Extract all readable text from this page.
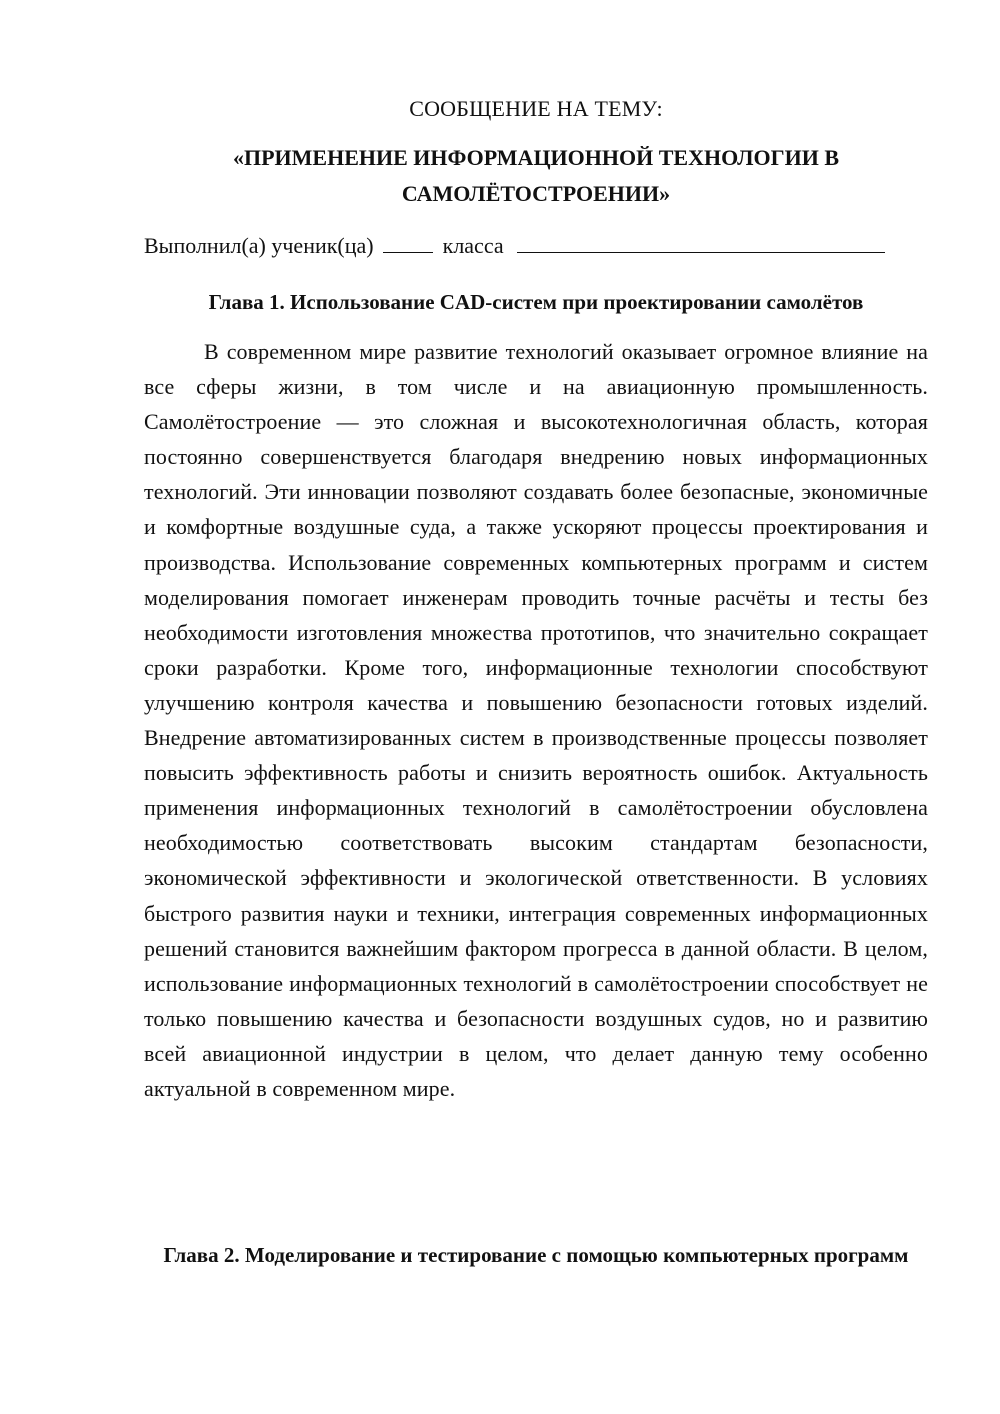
СООБЩЕНИЕ НА ТЕМУ:
«ПРИМЕНЕНИЕ ИНФОРМАЦИОННОЙ ТЕХНОЛОГИИ В САМОЛЁТОСТРОЕНИИ»
Выполнил(а) ученик(ца)	класса
Глава 1. Использование CAD-систем при проектировании самолётов
В современном мире развитие технологий оказывает огромное влияние на все сферы жизни, в том числе и на авиационную промышленность. Самолётостроение — это сложная и высокотехнологичная область, которая постоянно совершенствуется благодаря внедрению новых информационных технологий. Эти инновации позволяют создавать более безопасные, экономичные и комфортные воздушные суда, а также ускоряют процессы проектирования и производства. Использование современных компьютерных программ и систем моделирования помогает инженерам проводить точные расчёты и тесты без необходимости изготовления множества прототипов, что значительно сокращает сроки разработки. Кроме того, информационные технологии способствуют улучшению контроля качества и повышению безопасности готовых изделий. Внедрение автоматизированных систем в производственные процессы позволяет повысить эффективность работы и снизить вероятность ошибок. Актуальность применения информационных технологий в самолётостроении обусловлена необходимостью соответствовать высоким стандартам безопасности, экономической эффективности и экологической ответственности. В условиях быстрого развития науки и техники, интеграция современных информационных решений становится важнейшим фактором прогресса в данной области. В целом, использование информационных технологий в самолётостроении способствует не только повышению качества и безопасности воздушных судов, но и развитию всей авиационной индустрии в целом, что делает данную тему особенно актуальной в современном мире.
Глава 2. Моделирование и тестирование с помощью компьютерных программ
